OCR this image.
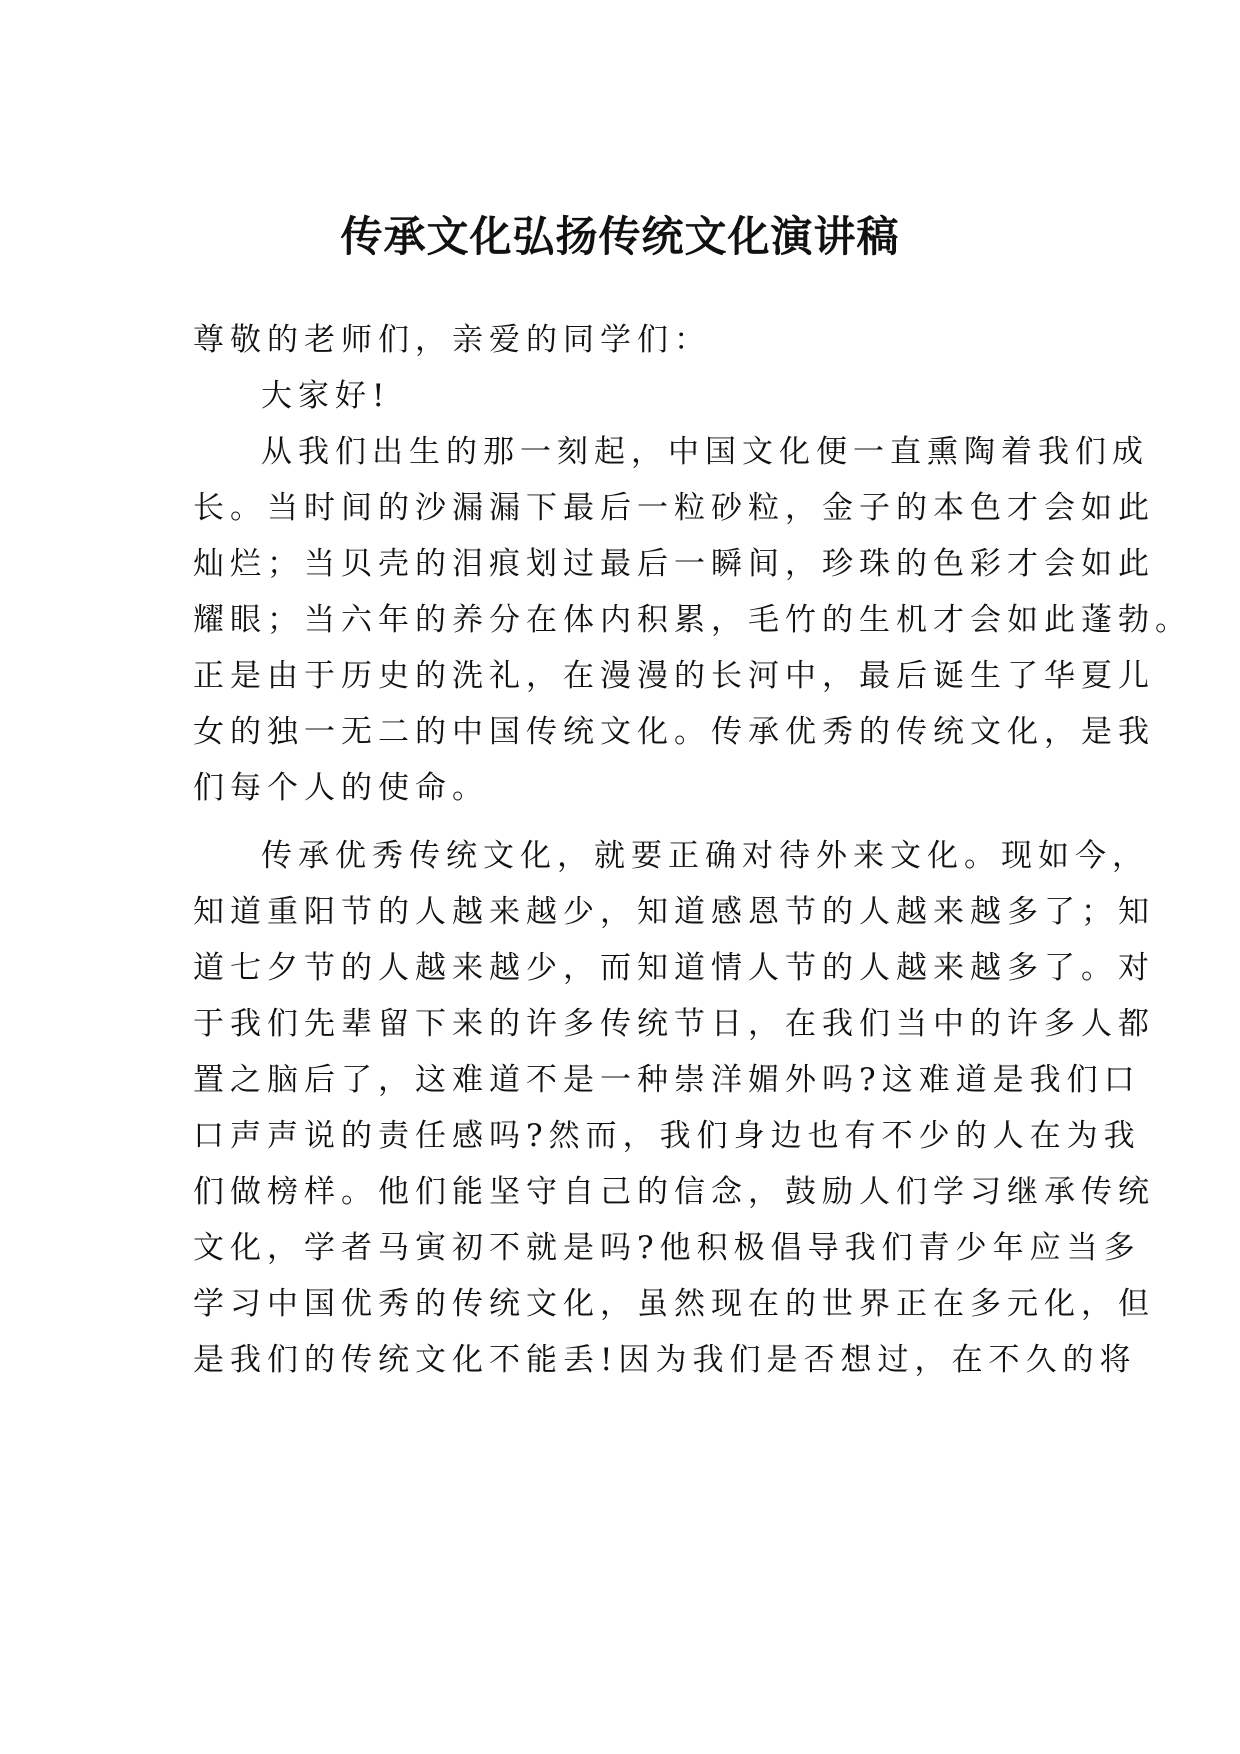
传承文化弘扬传统文化演讲稿

尊敬的老师们，亲爱的同学们：

大家好!

从我们出生的那一刻起，中国文化便一直熏陶着我们成

长。当时间的沙漏漏下最后一粒砂粒，金子的本色才会如此

灿烂；当贝壳的泪痕划过最后一瞬间，珍珠的色彩才会如此

耀眼；当六年的养分在体内积累，毛竹的生机才会如此蓬勃。

正是由于历史的洗礼，在漫漫的长河中，最后诞生了华夏儿

女的独一无二的中国传统文化。传承优秀的传统文化，是我

们每个人的使命。

传承优秀传统文化，就要正确对待外来文化。现如今，

知道重阳节的人越来越少，知道感恩节的人越来越多了；知

道七夕节的人越来越少，而知道情人节的人越来越多了。对

于我们先辈留下来的许多传统节日，在我们当中的许多人都

置之脑后了，这难道不是一种崇洋媚外吗?这难道是我们口

口声声说的责任感吗?然而，我们身边也有不少的人在为我

们做榜样。他们能坚守自己的信念，鼓励人们学习继承传统

文化，学者马寅初不就是吗?他积极倡导我们青少年应当多

学习中国优秀的传统文化，虽然现在的世界正在多元化，但

是我们的传统文化不能丢!因为我们是否想过，在不久的将
